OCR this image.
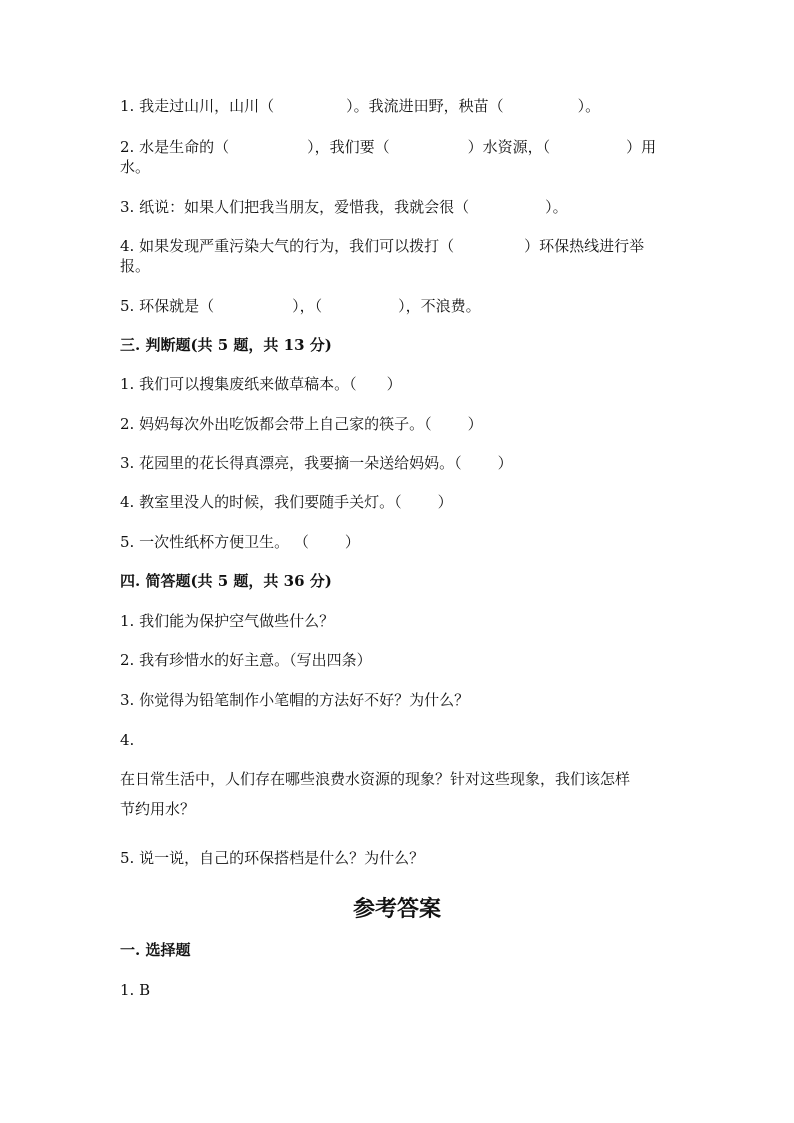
1. 我走过山川，山川（	）。我流进田野，秧苗（	）。
2. 水是生命的（	），我们要（	）水资源，（	）用
水。
3. 纸说：如果人们把我当朋友，爱惜我，我就会很（	）。
4. 如果发现严重污染大气的行为，我们可以拨打（	）环保热线进行举
报。
5. 环保就是（	），（	），不浪费。
三. 判断题(共 5 题，共 13 分)
1. 我们可以搜集废纸来做草稿本。（ ）
2. 妈妈每次外出吃饭都会带上自己家的筷子。（ ）
3. 花园里的花长得真漂亮，我要摘一朵送给妈妈。（ ）
4. 教室里没人的时候，我们要随手关灯。（ ）
5. 一次性纸杯方便卫生。 （ ）
四. 简答题(共 5 题，共 36 分)
1. 我们能为保护空气做些什么？
2. 我有珍惜水的好主意。（写出四条）
3. 你觉得为铅笔制作小笔帽的方法好不好？为什么？
4.
在日常生活中，人们存在哪些浪费水资源的现象？针对这些现象，我们该怎样
节约用水？
5. 说一说，自己的环保搭档是什么？为什么？
参考答案
一. 选择题
1. B
